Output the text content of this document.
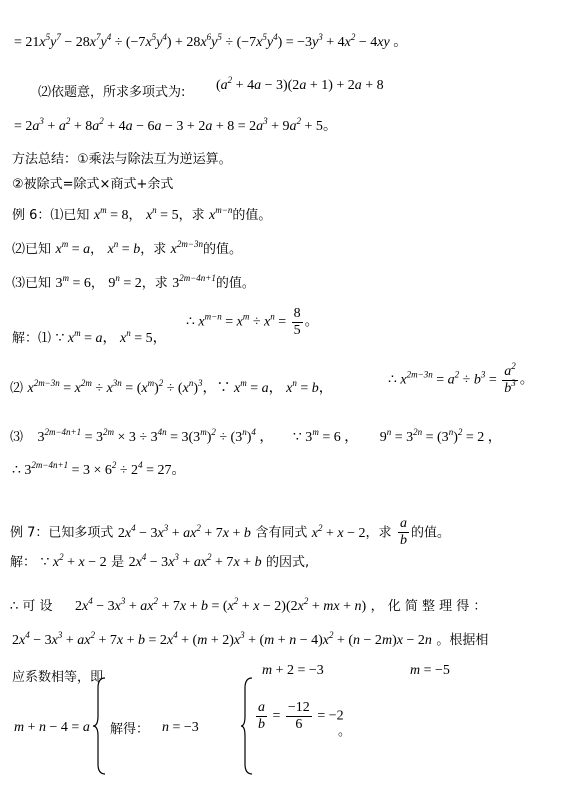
= $21x^5y^7 - 28x^7y^4 \div (-7x^5y^4) + 28x^6y^5 \div (-7x^5y^4) = -3y^3 + 4x^2 - 4xy$ 。
⑵依题意，所求多项式为: $(a^2 + 4a - 3)(2a + 1) + 2a + 8$
= $2a^3 + a^2 + 8a^2 + 4a - 6a - 3 + 2a + 8 = 2a^3 + 9a^2 + 5$。
方法总结：①乘法与除法互为逆运算。
②被除式=除式×商式+余式
例 6：⑴已知 $x^m = 8$， $x^n = 5$，求 $x^{m-n}$的值。
⑵已知 $x^m = a$， $x^n = b$，求 $x^{2m-3n}$的值。
⑶已知 $3^m = 6$， $9^n = 2$，求 $3^{2m-4n+1}$的值。
解：⑴ ∵ $x^m = a$， $x^n = 5$，
∴ $x^{m-n} = x^m \div x^n = \frac{8}{5}$ 。
⑵ $x^{2m-3n} = x^{2m} \div x^{3n} = (x^m)^2 \div (x^n)^3$，∵ $x^m = a$， $x^n = b$，
∴ $x^{2m-3n} = a^2 \div b^3 = \frac{a^2}{b^3}$ 。
⑶ $3^{2m-4n+1} = 3^{2m} \times 3 \div 3^{4n} = 3(3^m)^2 \div (3^n)^4$ ， ∵ $3^m = 6$ ， $9^n = 3^{2n} = (3^n)^2 = 2$ ，
∴ $3^{2m-4n+1} = 3 \times 6^2 \div 2^4 = 27$。
例 7：已知多项式 $2x^4 - 3x^3 + ax^2 + 7x + b$ 含有同式 $x^2 + x - 2$，求 $\frac{a}{b}$ 的值。
解： ∵ $x^2 + x - 2$ 是 $2x^4 - 3x^3 + ax^2 + 7x + b$ 的因式,
∴ 可 设 $2x^4 - 3x^3 + ax^2 + 7x + b = (x^2 + x - 2)(2x^2$ + mx + n) ， 化 简 整 理 得 ：
$2x^4 - 3x^3 + ax^2 + 7x + b = 2x^4 + (m + 2)x^3 + (m + n - 4)x^2 + (n - 2m)x - 2n$ 。根据相
应系数相等，即	m + 2 = −3	m = −5
m + n − 4 = a 解得： n = −3	$\frac{a}{b} = \frac{-12}{6} = -2$
。
